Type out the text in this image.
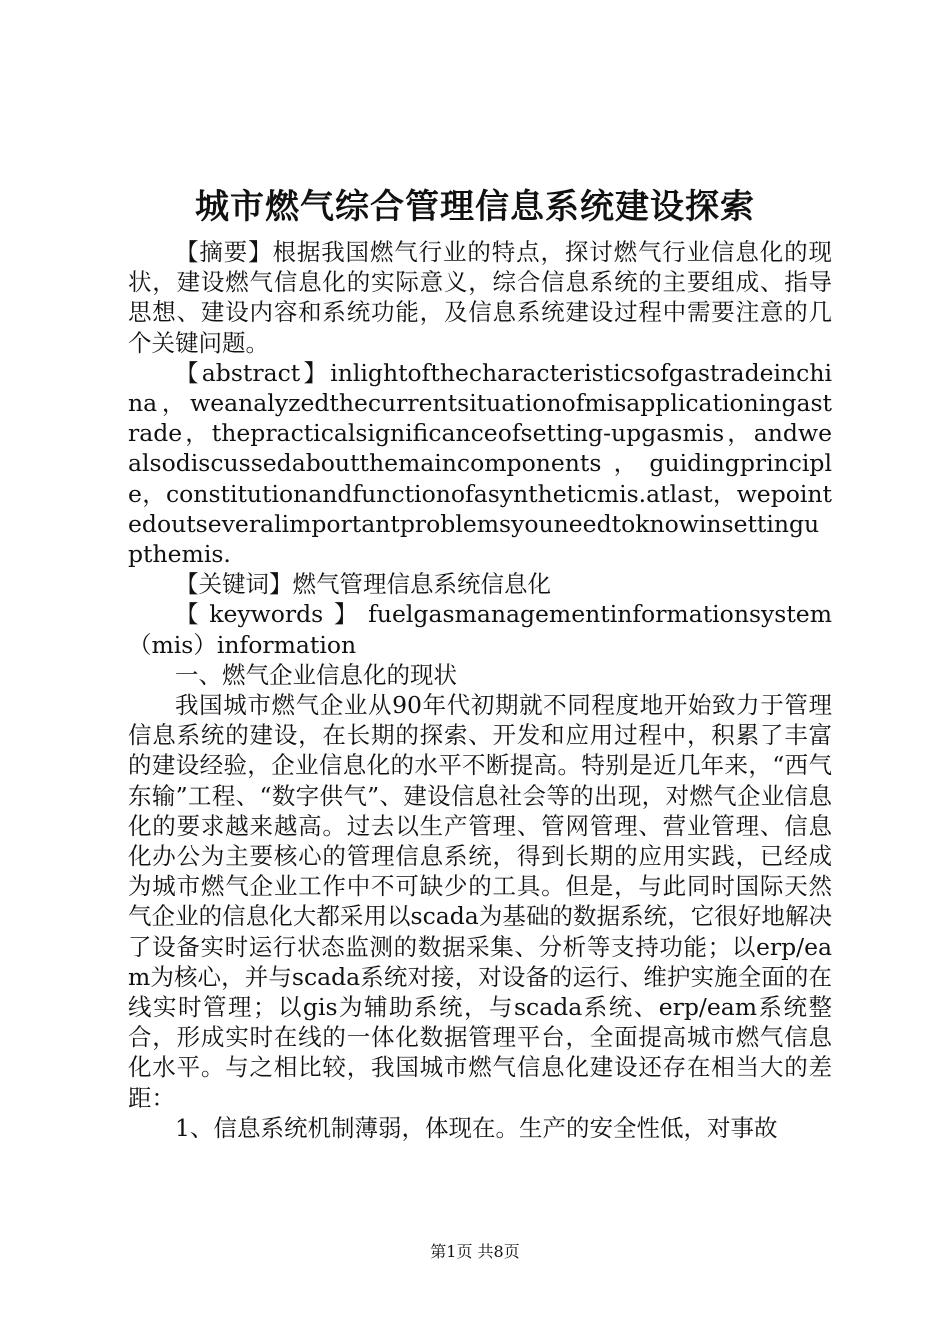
城市燃气综合管理信息系统建设探索

【摘要】根据我国燃气行业的特点，探讨燃气行业信息化的现状，建设燃气信息化的实际意义，综合信息系统的主要组成、指导思想、建设内容和系统功能，及信息系统建设过程中需要注意的几个关键问题。

【abstract】inlightofthecharacteristicsofgastradeinchina，weanalyzedthecurrentsituationofmisapplicationingastrade，thepracticalsignificanceofsetting-upgasmis，andwealsodiscussedaboutthemaincomponents，guidingprinciple，constitutionandfunctionofasyntheticmis.atlast，wepointedoutseveralimportantproblemsyouneedtoknowinsettingupthemis.

【关键词】燃气管理信息系统信息化

【keywords】fuelgasmanagementinformationsystem（mis）information

一、燃气企业信息化的现状

我国城市燃气企业从90年代初期就不同程度地开始致力于管理信息系统的建设，在长期的探索、开发和应用过程中，积累了丰富的建设经验，企业信息化的水平不断提高。特别是近几年来，“西气东输”工程、“数字供气”、建设信息社会等的出现，对燃气企业信息化的要求越来越高。过去以生产管理、管网管理、营业管理、信息化办公为主要核心的管理信息系统，得到长期的应用实践，已经成为城市燃气企业工作中不可缺少的工具。但是，与此同时国际天然气企业的信息化大都采用以scada为基础的数据系统，它很好地解决了设备实时运行状态监测的数据采集、分析等支持功能；以erp/eam为核心，并与scada系统对接，对设备的运行、维护实施全面的在线实时管理；以gis为辅助系统，与scada系统、erp/eam系统整合，形成实时在线的一体化数据管理平台，全面提高城市燃气信息化水平。与之相比较，我国城市燃气信息化建设还存在相当大的差距：

1、信息系统机制薄弱，体现在。生产的安全性低，对事故

第1页 共8页
